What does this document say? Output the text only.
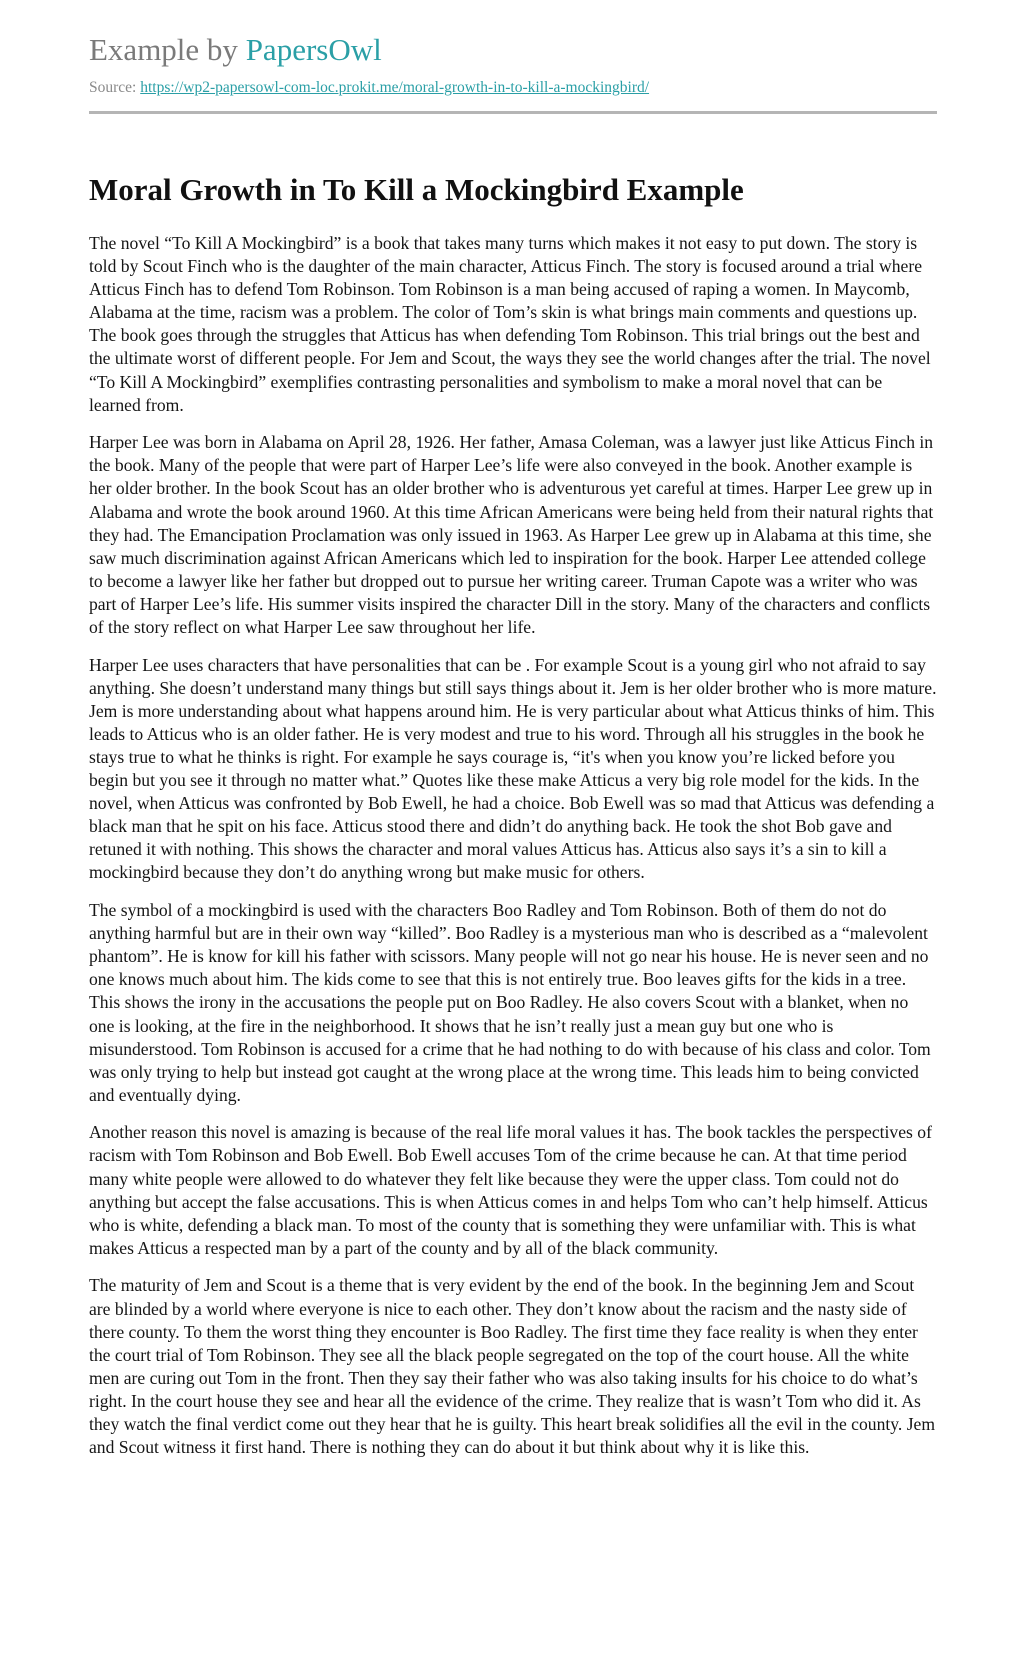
Example by PapersOwl
Source: https://wp2-papersowl-com-loc.prokit.me/moral-growth-in-to-kill-a-mockingbird/
Moral Growth in To Kill a Mockingbird Example

The novel “To Kill A Mockingbird” is a book that takes many turns which makes it not easy to put down. The story is told by Scout Finch who is the daughter of the main character, Atticus Finch. The story is focused around a trial where Atticus Finch has to defend Tom Robinson. Tom Robinson is a man being accused of raping a women. In Maycomb, Alabama at the time, racism was a problem. The color of Tom’s skin is what brings main comments and questions up. The book goes through the struggles that Atticus has when defending Tom Robinson. This trial brings out the best and the ultimate worst of different people. For Jem and Scout, the ways they see the world changes after the trial. The novel “To Kill A Mockingbird” exemplifies contrasting personalities and symbolism to make a moral novel that can be learned from.

Harper Lee was born in Alabama on April 28, 1926. Her father, Amasa Coleman, was a lawyer just like Atticus Finch in the book. Many of the people that were part of Harper Lee’s life were also conveyed in the book. Another example is her older brother. In the book Scout has an older brother who is adventurous yet careful at times. Harper Lee grew up in Alabama and wrote the book around 1960. At this time African Americans were being held from their natural rights that they had. The Emancipation Proclamation was only issued in 1963. As Harper Lee grew up in Alabama at this time, she saw much discrimination against African Americans which led to inspiration for the book. Harper Lee attended college to become a lawyer like her father but dropped out to pursue her writing career. Truman Capote was a writer who was part of Harper Lee’s life. His summer visits inspired the character Dill in the story. Many of the characters and conflicts of the story reflect on what Harper Lee saw throughout her life.

Harper Lee uses characters that have personalities that can be . For example Scout is a young girl who not afraid to say anything. She doesn’t understand many things but still says things about it. Jem is her older brother who is more mature. Jem is more understanding about what happens around him. He is very particular about what Atticus thinks of him. This leads to Atticus who is an older father. He is very modest and true to his word. Through all his struggles in the book he stays true to what he thinks is right. For example he says courage is, “it's when you know you’re licked before you begin but you see it through no matter what.” Quotes like these make Atticus a very big role model for the kids. In the novel, when Atticus was confronted by Bob Ewell, he had a choice. Bob Ewell was so mad that Atticus was defending a black man that he spit on his face. Atticus stood there and didn’t do anything back. He took the shot Bob gave and retuned it with nothing. This shows the character and moral values Atticus has. Atticus also says it’s a sin to kill a mockingbird because they don’t do anything wrong but make music for others.

The symbol of a mockingbird is used with the characters Boo Radley and Tom Robinson. Both of them do not do anything harmful but are in their own way “killed”. Boo Radley is a mysterious man who is described as a “malevolent phantom”. He is know for kill his father with scissors. Many people will not go near his house. He is never seen and no one knows much about him. The kids come to see that this is not entirely true. Boo leaves gifts for the kids in a tree. This shows the irony in the accusations the people put on Boo Radley. He also covers Scout with a blanket, when no one is looking, at the fire in the neighborhood. It shows that he isn’t really just a mean guy but one who is misunderstood. Tom Robinson is accused for a crime that he had nothing to do with because of his class and color. Tom was only trying to help but instead got caught at the wrong place at the wrong time. This leads him to being convicted and eventually dying.

Another reason this novel is amazing is because of the real life moral values it has. The book tackles the perspectives of racism with Tom Robinson and Bob Ewell. Bob Ewell accuses Tom of the crime because he can. At that time period many white people were allowed to do whatever they felt like because they were the upper class. Tom could not do anything but accept the false accusations. This is when Atticus comes in and helps Tom who can’t help himself. Atticus who is white, defending a black man. To most of the county that is something they were unfamiliar with. This is what makes Atticus a respected man by a part of the county and by all of the black community.

The maturity of Jem and Scout is a theme that is very evident by the end of the book. In the beginning Jem and Scout are blinded by a world where everyone is nice to each other. They don’t know about the racism and the nasty side of there county. To them the worst thing they encounter is Boo Radley. The first time they face reality is when they enter the court trial of Tom Robinson. They see all the black people segregated on the top of the court house. All the white men are curing out Tom in the front. Then they say their father who was also taking insults for his choice to do what’s right. In the court house they see and hear all the evidence of the crime. They realize that is wasn’t Tom who did it. As they watch the final verdict come out they hear that he is guilty. This heart break solidifies all the evil in the county. Jem and Scout witness it first hand. There is nothing they can do about it but think about why it is like this.
